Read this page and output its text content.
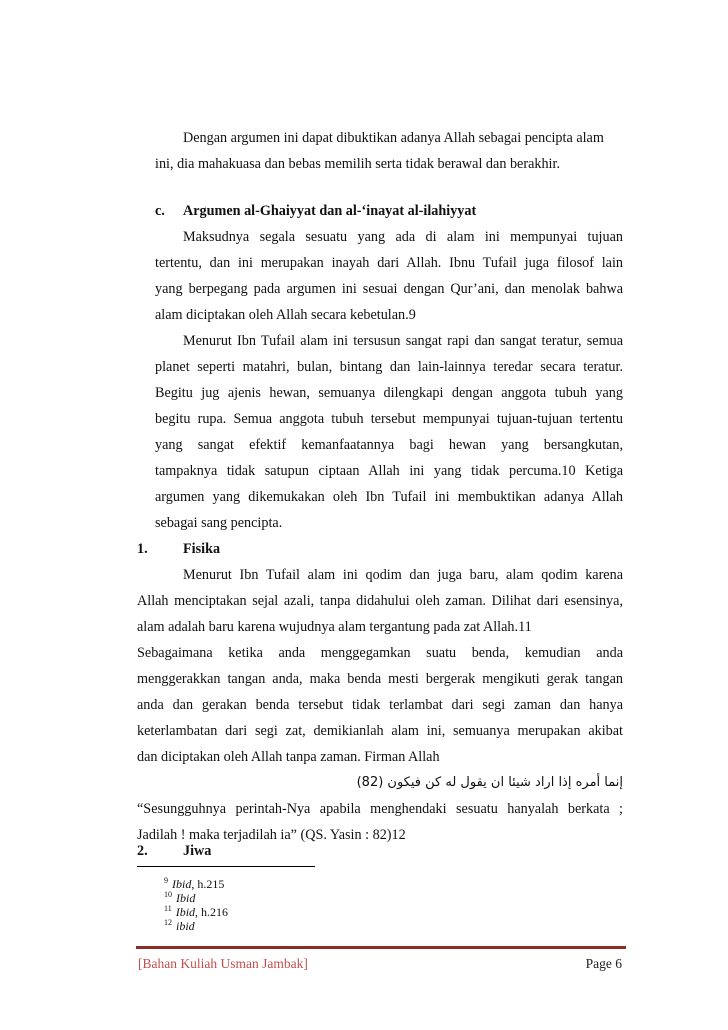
Dengan argumen ini dapat dibuktikan adanya Allah sebagai pencipta alam
ini, dia mahakuasa dan bebas memilih serta tidak berawal dan berakhir.
c. Argumen al-Ghaiyyat dan al-‘inayat al-ilahiyyat
Maksudnya segala sesuatu yang ada di alam ini mempunyai tujuan
tertentu, dan ini merupakan inayah dari Allah. Ibnu Tufail juga filosof lain
yang berpegang pada argumen ini sesuai dengan Qur’ani, dan menolak bahwa
alam diciptakan oleh Allah secara kebetulan.9
Menurut Ibn Tufail alam ini tersusun sangat rapi dan sangat teratur, semua
planet seperti matahri, bulan, bintang dan lain-lainnya teredar secara teratur.
Begitu jug ajenis hewan, semuanya dilengkapi dengan anggota tubuh yang
begitu rupa. Semua anggota tubuh tersebut mempunyai tujuan-tujuan tertentu
yang sangat efektif kemanfaatannya bagi hewan yang bersangkutan,
tampaknya tidak satupun ciptaan Allah ini yang tidak percuma.10 Ketiga
argumen yang dikemukakan oleh Ibn Tufail ini membuktikan adanya Allah
sebagai sang pencipta.
1. Fisika
Menurut Ibn Tufail alam ini qodim dan juga baru, alam qodim karena
Allah menciptakan sejal azali, tanpa didahului oleh zaman. Dilihat dari esensinya,
alam adalah baru karena wujudnya alam tergantung pada zat Allah.11
Sebagaimana ketika anda menggegamkan suatu benda, kemudian anda
menggerakkan tangan anda, maka benda mesti bergerak mengikuti gerak tangan
anda dan gerakan benda tersebut tidak terlambat dari segi zaman dan hanya
keterlambatan dari segi zat, demikianlah alam ini, semuanya merupakan akibat
dan diciptakan oleh Allah tanpa zaman. Firman Allah
إنما أمره إذا اراد شيئا ان يقول له كن فيكون (82)
“Sesungguhnya perintah-Nya apabila menghendaki sesuatu hanyalah berkata ;
Jadilah ! maka terjadilah ia” (QS. Yasin : 82)12
2. Jiwa
$^9$ Ibid, h.215
$^{10}$ Ibid
$^{11}$ Ibid, h.216
$^{12}$ ibid
[Bahan Kuliah Usman Jambak]	Page 6
